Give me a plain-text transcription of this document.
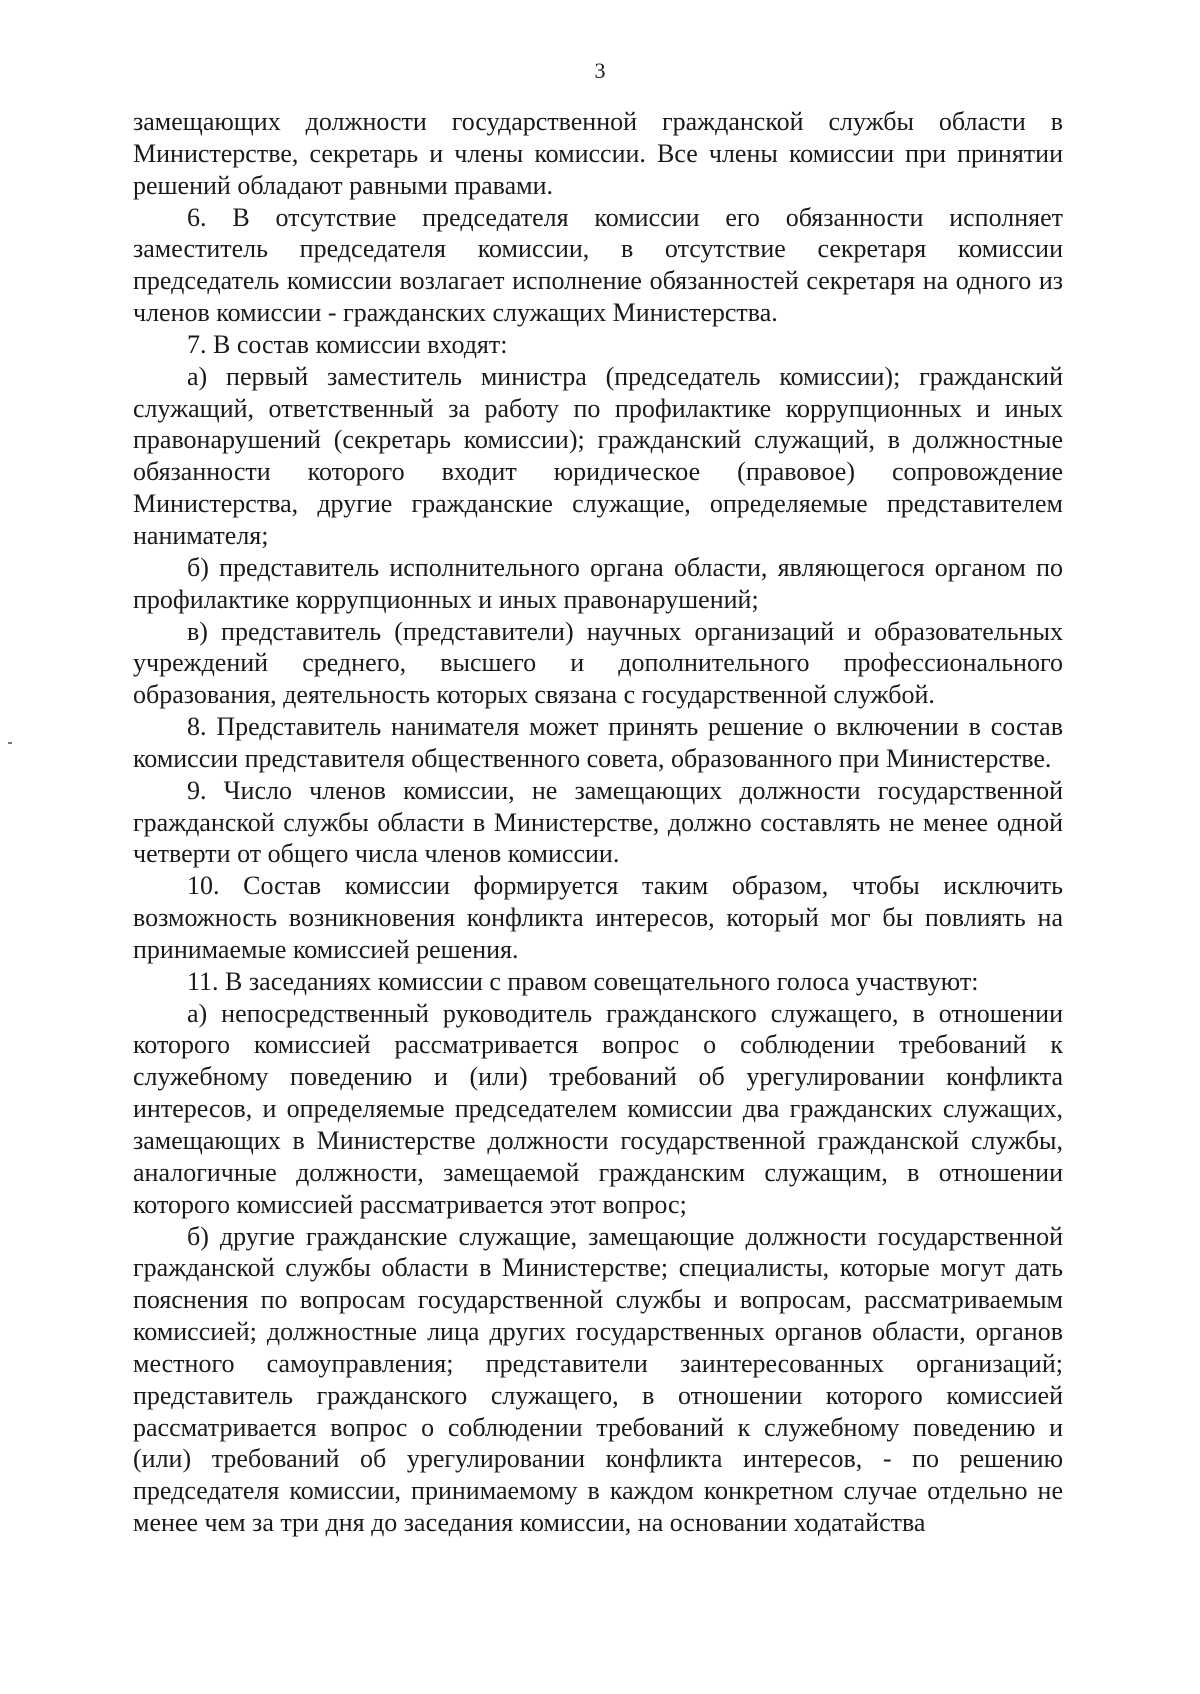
3

замещающих должности государственной гражданской службы области в Министерстве, секретарь и члены комиссии. Все члены комиссии при принятии решений обладают равными правами.

6. В отсутствие председателя комиссии его обязанности исполняет заместитель председателя комиссии, в отсутствие секретаря комиссии председатель комиссии возлагает исполнение обязанностей секретаря на одного из членов комиссии - гражданских служащих Министерства.

7. В состав комиссии входят:

а) первый заместитель министра (председатель комиссии); гражданский служащий, ответственный за работу по профилактике коррупционных и иных правонарушений (секретарь комиссии); гражданский служащий, в должностные обязанности которого входит юридическое (правовое) сопровождение Министерства, другие гражданские служащие, определяемые представителем нанимателя;

б) представитель исполнительного органа области, являющегося органом по профилактике коррупционных и иных правонарушений;

в) представитель (представители) научных организаций и образовательных учреждений среднего, высшего и дополнительного профессионального образования, деятельность которых связана с государственной службой.

8. Представитель нанимателя может принять решение о включении в состав комиссии представителя общественного совета, образованного при Министерстве.

9. Число членов комиссии, не замещающих должности государственной гражданской службы области в Министерстве, должно составлять не менее одной четверти от общего числа членов комиссии.

10. Состав комиссии формируется таким образом, чтобы исключить возможность возникновения конфликта интересов, который мог бы повлиять на принимаемые комиссией решения.

11. В заседаниях комиссии с правом совещательного голоса участвуют:

а) непосредственный руководитель гражданского служащего, в отношении которого комиссией рассматривается вопрос о соблюдении требований к служебному поведению и (или) требований об урегулировании конфликта интересов, и определяемые председателем комиссии два гражданских служащих, замещающих в Министерстве должности государственной гражданской службы, аналогичные должности, замещаемой гражданским служащим, в отношении которого комиссией рассматривается этот вопрос;

б) другие гражданские служащие, замещающие должности государственной гражданской службы области в Министерстве; специалисты, которые могут дать пояснения по вопросам государственной службы и вопросам, рассматриваемым комиссией; должностные лица других государственных органов области, органов местного самоуправления; представители заинтересованных организаций; представитель гражданского служащего, в отношении которого комиссией рассматривается вопрос о соблюдении требований к служебному поведению и (или) требований об урегулировании конфликта интересов, - по решению председателя комиссии, принимаемому в каждом конкретном случае отдельно не менее чем за три дня до заседания комиссии, на основании ходатайства
